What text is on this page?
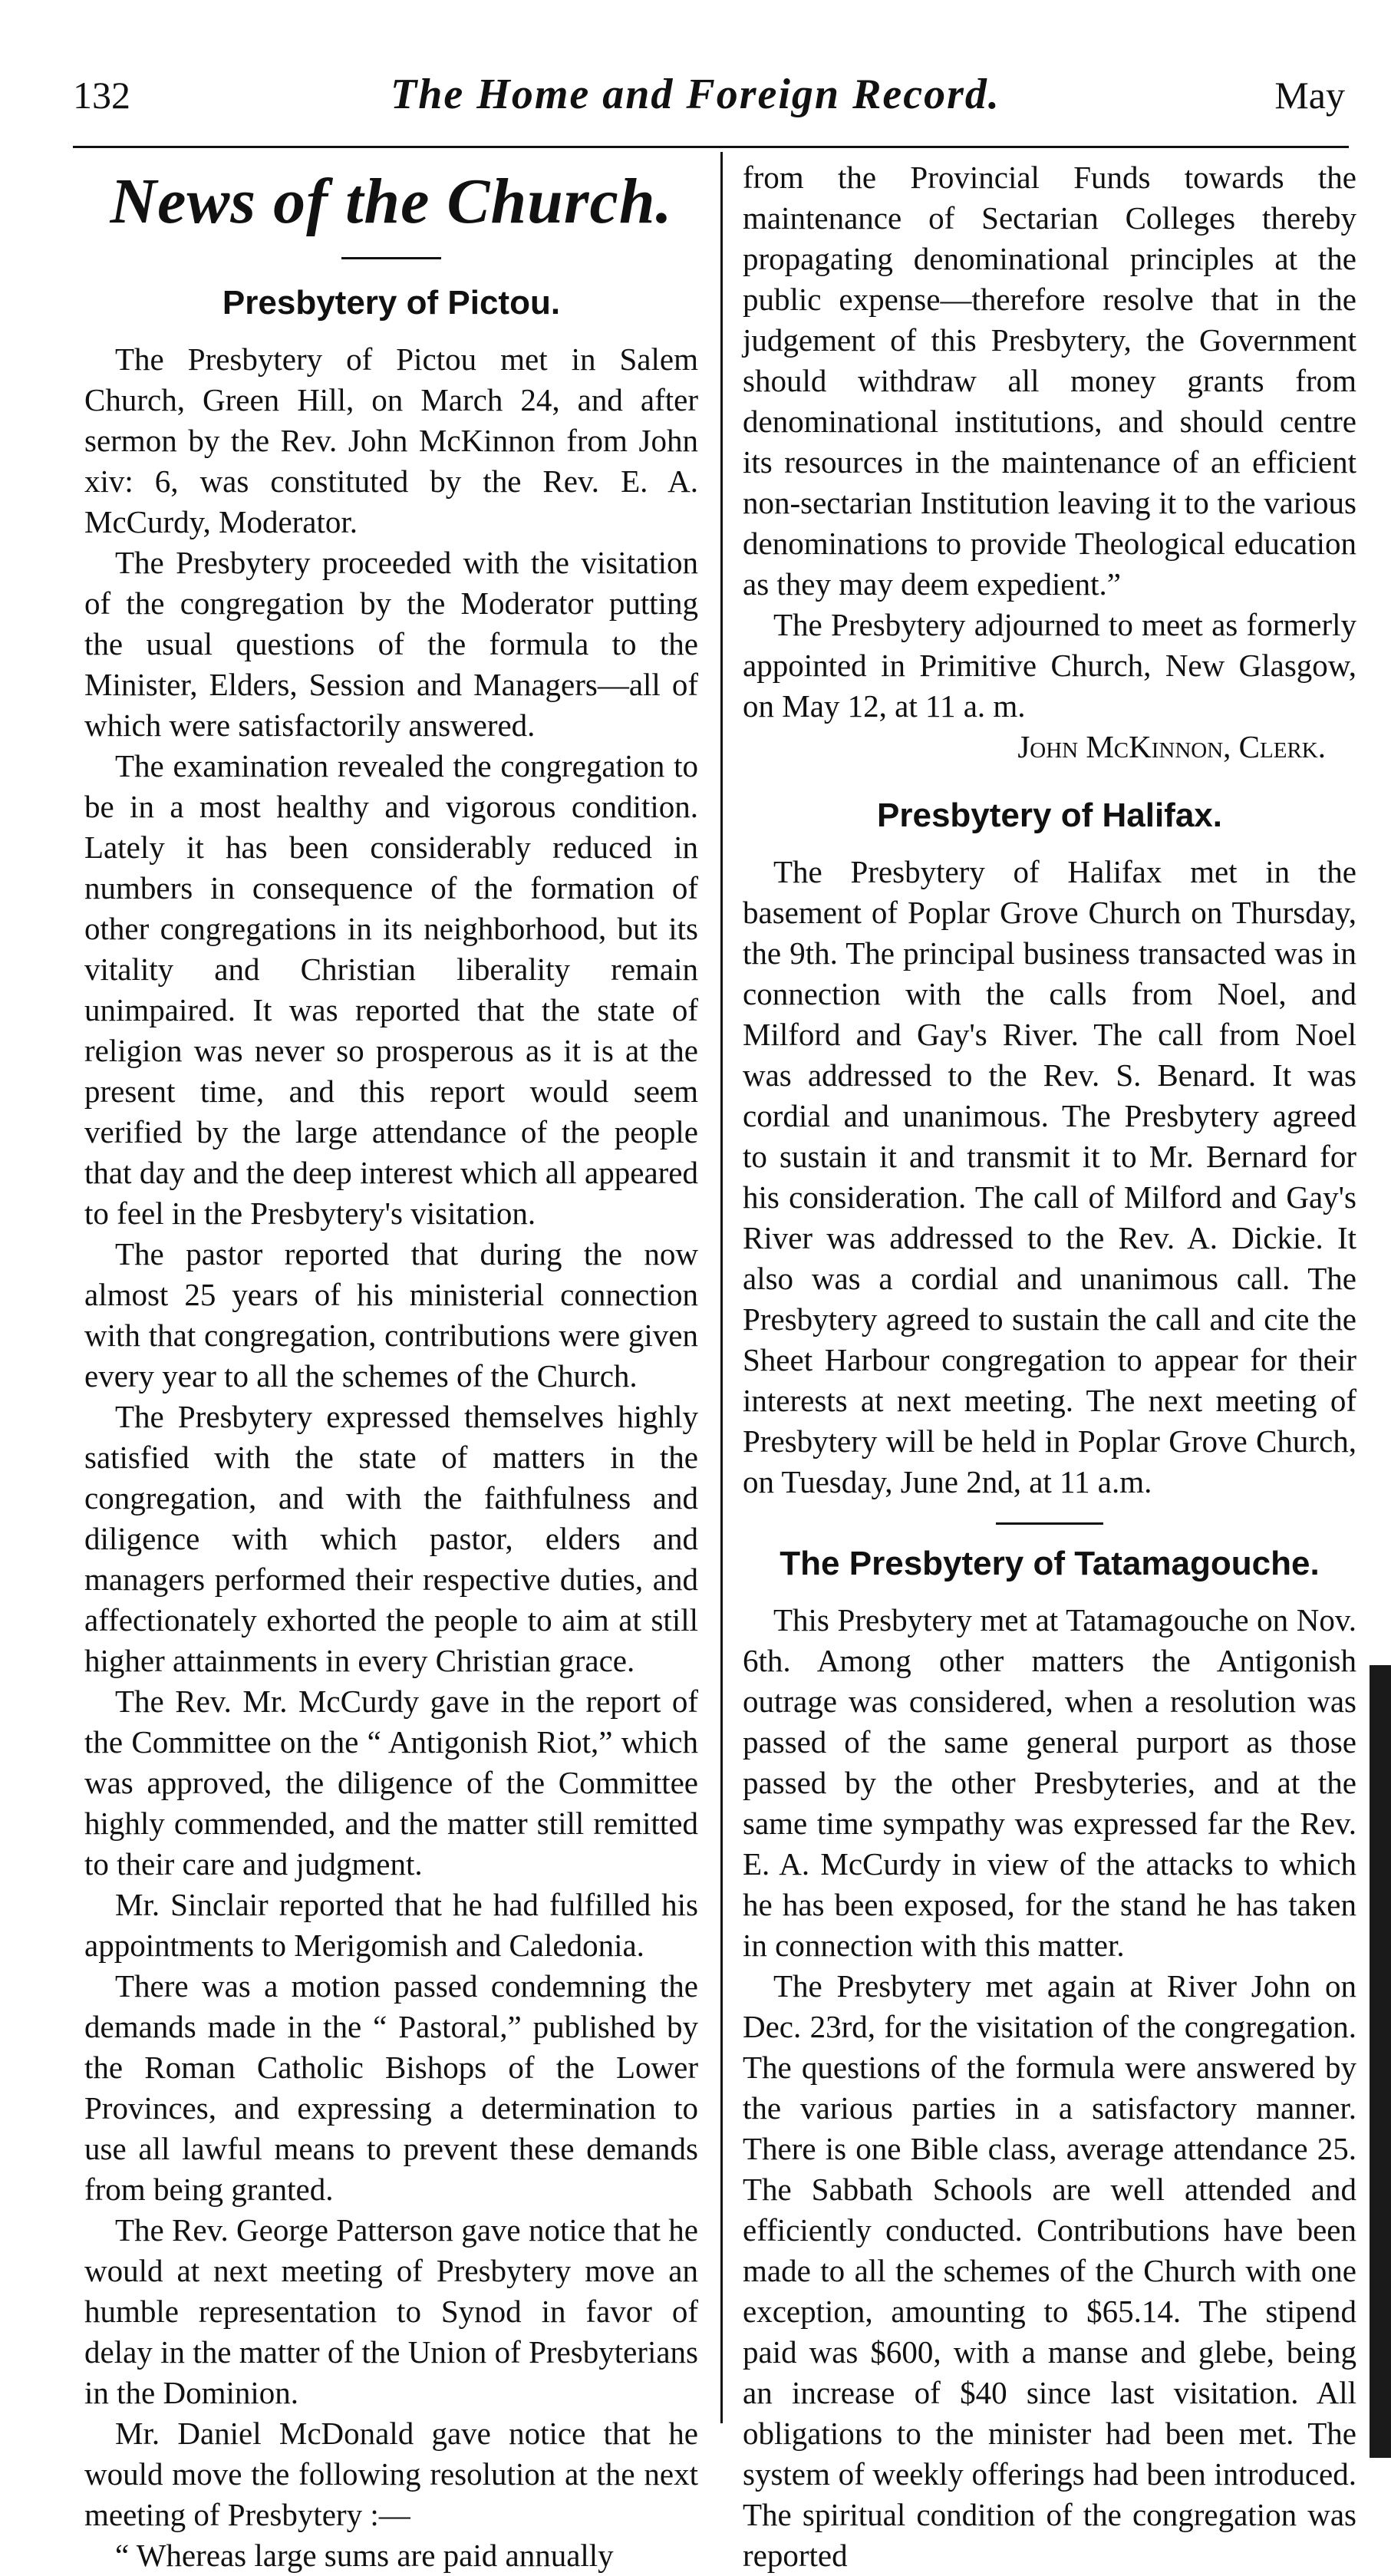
132	The Home and Foreign Record.	May
News of the Church.
Presbytery of Pictou.

The Presbytery of Pictou met in Salem Church, Green Hill, on March 24, and after sermon by the Rev. John McKinnon from John xiv: 6, was constituted by the Rev. E. A. McCurdy, Moderator.

The Presbytery proceeded with the visitation of the congregation by the Moderator putting the usual questions of the formula to the Minister, Elders, Session and Managers—all of which were satisfactorily answered.

The examination revealed the congregation to be in a most healthy and vigorous condition. Lately it has been considerably reduced in numbers in consequence of the formation of other congregations in its neighborhood, but its vitality and Christian liberality remain unimpaired. It was reported that the state of religion was never so prosperous as it is at the present time, and this report would seem verified by the large attendance of the people that day and the deep interest which all appeared to feel in the Presbytery's visitation.

The pastor reported that during the now almost 25 years of his ministerial connection with that congregation, contributions were given every year to all the schemes of the Church.

The Presbytery expressed themselves highly satisfied with the state of matters in the congregation, and with the faithfulness and diligence with which pastor, elders and managers performed their respective duties, and affectionately exhorted the people to aim at still higher attainments in every Christian grace.

The Rev. Mr. McCurdy gave in the report of the Committee on the “ Antigonish Riot,” which was approved, the diligence of the Committee highly commended, and the matter still remitted to their care and judgment.

Mr. Sinclair reported that he had fulfilled his appointments to Merigomish and Caledonia.

There was a motion passed condemning the demands made in the “ Pastoral,” published by the Roman Catholic Bishops of the Lower Provinces, and expressing a determination to use all lawful means to prevent these demands from being granted.

The Rev. George Patterson gave notice that he would at next meeting of Presbytery move an humble representation to Synod in favor of delay in the matter of the Union of Presbyterians in the Dominion.

Mr. Daniel McDonald gave notice that he would move the following resolution at the next meeting of Presbytery :—

“ Whereas large sums are paid annually

from the Provincial Funds towards the maintenance of Sectarian Colleges thereby propagating denominational principles at the public expense—therefore resolve that in the judgement of this Presbytery, the Government should withdraw all money grants from denominational institutions, and should centre its resources in the maintenance of an efficient non-sectarian Institution leaving it to the various denominations to provide Theological education as they may deem expedient.”

The Presbytery adjourned to meet as formerly appointed in Primitive Church, New Glasgow, on May 12, at 11 a. m.

John McKinnon, Clerk.

Presbytery of Halifax.

The Presbytery of Halifax met in the basement of Poplar Grove Church on Thursday, the 9th. The principal business transacted was in connection with the calls from Noel, and Milford and Gay's River. The call from Noel was addressed to the Rev. S. Benard. It was cordial and unanimous. The Presbytery agreed to sustain it and transmit it to Mr. Bernard for his consideration. The call of Milford and Gay's River was addressed to the Rev. A. Dickie. It also was a cordial and unanimous call. The Presbytery agreed to sustain the call and cite the Sheet Harbour congregation to appear for their interests at next meeting. The next meeting of Presbytery will be held in Poplar Grove Church, on Tuesday, June 2nd, at 11 a.m.

The Presbytery of Tatamagouche.

This Presbytery met at Tatamagouche on Nov. 6th. Among other matters the Antigonish outrage was considered, when a resolution was passed of the same general purport as those passed by the other Presbyteries, and at the same time sympathy was expressed far the Rev. E. A. McCurdy in view of the attacks to which he has been exposed, for the stand he has taken in connection with this matter.

The Presbytery met again at River John on Dec. 23rd, for the visitation of the congregation. The questions of the formula were answered by the various parties in a satisfactory manner. There is one Bible class, average attendance 25. The Sabbath Schools are well attended and efficiently conducted. Contributions have been made to all the schemes of the Church with one exception, amounting to $65.14. The stipend paid was $600, with a manse and glebe, being an increase of $40 since last visitation. All obligations to the minister had been met. The system of weekly offerings had been introduced. The spiritual condition of the congregation was reported
